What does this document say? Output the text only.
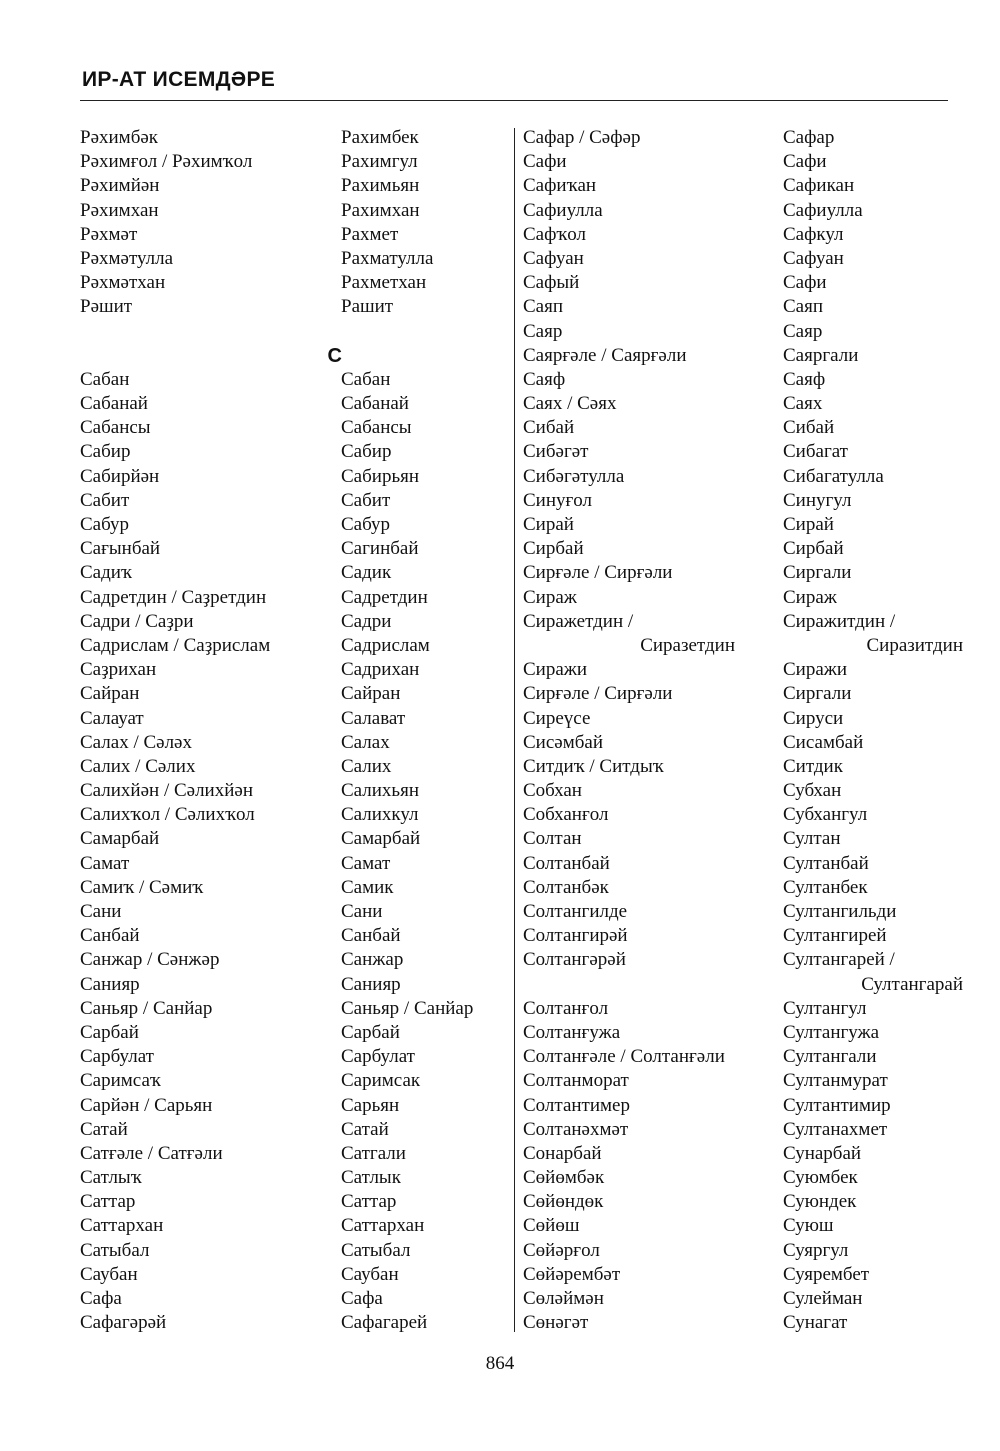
ИР-АТ ИСЕМДӘРЕ
Рәхимбәк
Рәхимғол / Рәхимҡол
Рәхимйән
Рәхимхан
Рәхмәт
Рәхмәтулла
Рәхмәтхан
Рәшит
С
Сабан
Сабанай
Сабансы
Сабир
Сабирйән
Сабит
Сабур
Сағынбай
Садиҡ
Садретдин / Саҙретдин
Садри / Саҙри
Садрислам / Саҙрислам
Саҙрихан
Сайран
Салауат
Салах / Сәләх
Салих / Сәлих
Салихйән / Сәлихйән
Салихҡол / Сәлихҡол
Самарбай
Самат
Самиҡ / Сәмиҡ
Сани
Санбай
Санжар / Сәнжәр
Санияр
Саньяр / Санйар
Сарбай
Сарбулат
Саримсаҡ
Сарйән / Сарьян
Сатай
Сатғәле / Сатғәли
Сатлыҡ
Саттар
Саттархан
Сатыбал
Саубан
Сафа
Сафагәрәй
Рахимбек
Рахимгул
Рахимьян
Рахимхан
Рахмет
Рахматулла
Рахметхан
Рашит
Сабан
Сабанай
Сабансы
Сабир
Сабирьян
Сабит
Сабур
Сагинбай
Садик
Садретдин
Садри
Садрислам
Садрихан
Сайран
Салават
Салах
Салих
Салихьян
Салихкул
Самарбай
Самат
Самик
Сани
Санбай
Санжар
Санияр
Саньяр / Санйар
Сарбай
Сарбулат
Саримсак
Сарьян
Сатай
Сатгали
Сатлык
Саттар
Саттархан
Сатыбал
Саубан
Сафа
Сафагарей
Сафар / Сәфәр
Сафи
Сафиҡан
Сафиулла
Сафҡол
Сафуан
Сафый
Саяп
Саяр
Саярғәле / Саярғәли
Саяф
Саях / Сәях
Сибай
Сибәгәт
Сибәгәтулла
Синуғол
Сирай
Сирбай
Сирғәле / Сирғәли
Сираж
Сиражетдин /
Сиразетдин
Сиражи
Сирғәле / Сирғәли
Сиреүсе
Сисәмбай
Ситдиҡ / Ситдыҡ
Собхан
Собханғол
Солтан
Солтанбай
Солтанбәк
Солтангилде
Солтангирәй
Солтангәрәй
Солтанғол
Солтанғужа
Солтанғәле / Солтанғәли
Солтанморат
Солтантимер
Солтанәхмәт
Сонарбай
Сөйөмбәк
Сөйөндөк
Сөйөш
Сөйәрғол
Сөйәрембәт
Сөләймән
Сөнәгәт
Сафар
Сафи
Сафикан
Сафиулла
Сафкул
Сафуан
Сафи
Саяп
Саяр
Саяргали
Саяф
Саях
Сибай
Сибагат
Сибагатулла
Синугул
Сирай
Сирбай
Сиргали
Сираж
Сиражитдин /
Сиразитдин
Сиражи
Сиргали
Сируси
Сисамбай
Ситдик
Субхан
Субхангул
Султан
Султанбай
Султанбек
Султангильди
Султангирей
Султангарей /
Султангарай
Султангул
Султангужа
Султангали
Султанмурат
Султантимир
Султанахмет
Сунарбай
Суюмбек
Суюндек
Суюш
Суяргул
Суярембет
Сулейман
Сунагат
864
